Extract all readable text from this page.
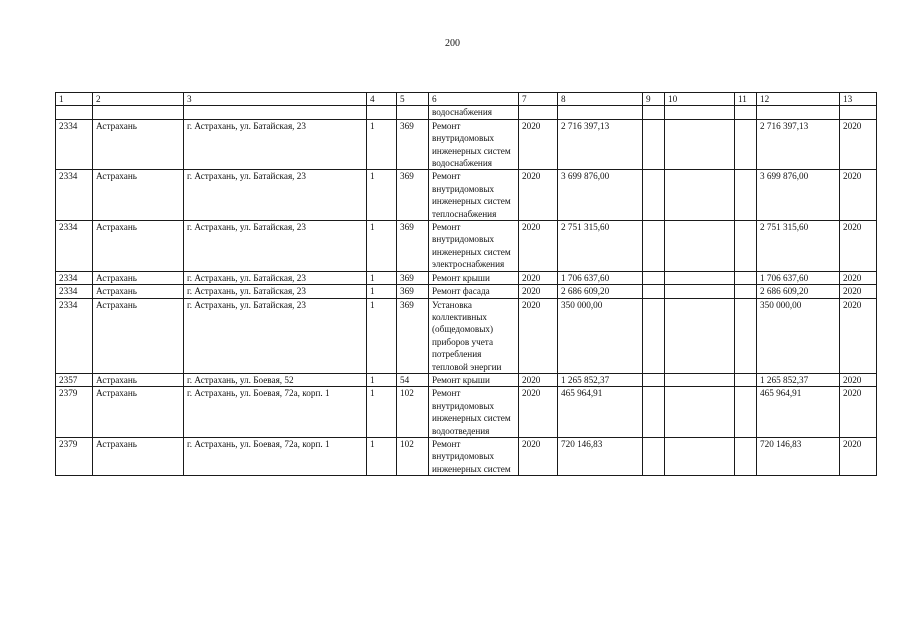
200
1	2	3	4	5	6	7	8	9	10	11	12	13
					водоснабжения							
2334	Астрахань	г. Астрахань, ул. Батайская, 23	1	369	Ремонт внутридомовых инженерных систем водоснабжения	2020	2 716 397,13				2 716 397,13	2020
2334	Астрахань	г. Астрахань, ул. Батайская, 23	1	369	Ремонт внутридомовых инженерных систем теплоснабжения	2020	3 699 876,00				3 699 876,00	2020
2334	Астрахань	г. Астрахань, ул. Батайская, 23	1	369	Ремонт внутридомовых инженерных систем электроснабжения	2020	2 751 315,60				2 751 315,60	2020
2334	Астрахань	г. Астрахань, ул. Батайская, 23	1	369	Ремонт крыши	2020	1 706 637,60				1 706 637,60	2020
2334	Астрахань	г. Астрахань, ул. Батайская, 23	1	369	Ремонт фасада	2020	2 686 609,20				2 686 609,20	2020
2334	Астрахань	г. Астрахань, ул. Батайская, 23	1	369	Установка коллективных (общедомовых) приборов учета потребления тепловой энергии	2020	350 000,00				350 000,00	2020
2357	Астрахань	г. Астрахань, ул. Боевая, 52	1	54	Ремонт крыши	2020	1 265 852,37				1 265 852,37	2020
2379	Астрахань	г. Астрахань, ул. Боевая, 72а, корп. 1	1	102	Ремонт внутридомовых инженерных систем водоотведения	2020	465 964,91				465 964,91	2020
2379	Астрахань	г. Астрахань, ул. Боевая, 72а, корп. 1	1	102	Ремонт внутридомовых инженерных систем	2020	720 146,83				720 146,83	2020
